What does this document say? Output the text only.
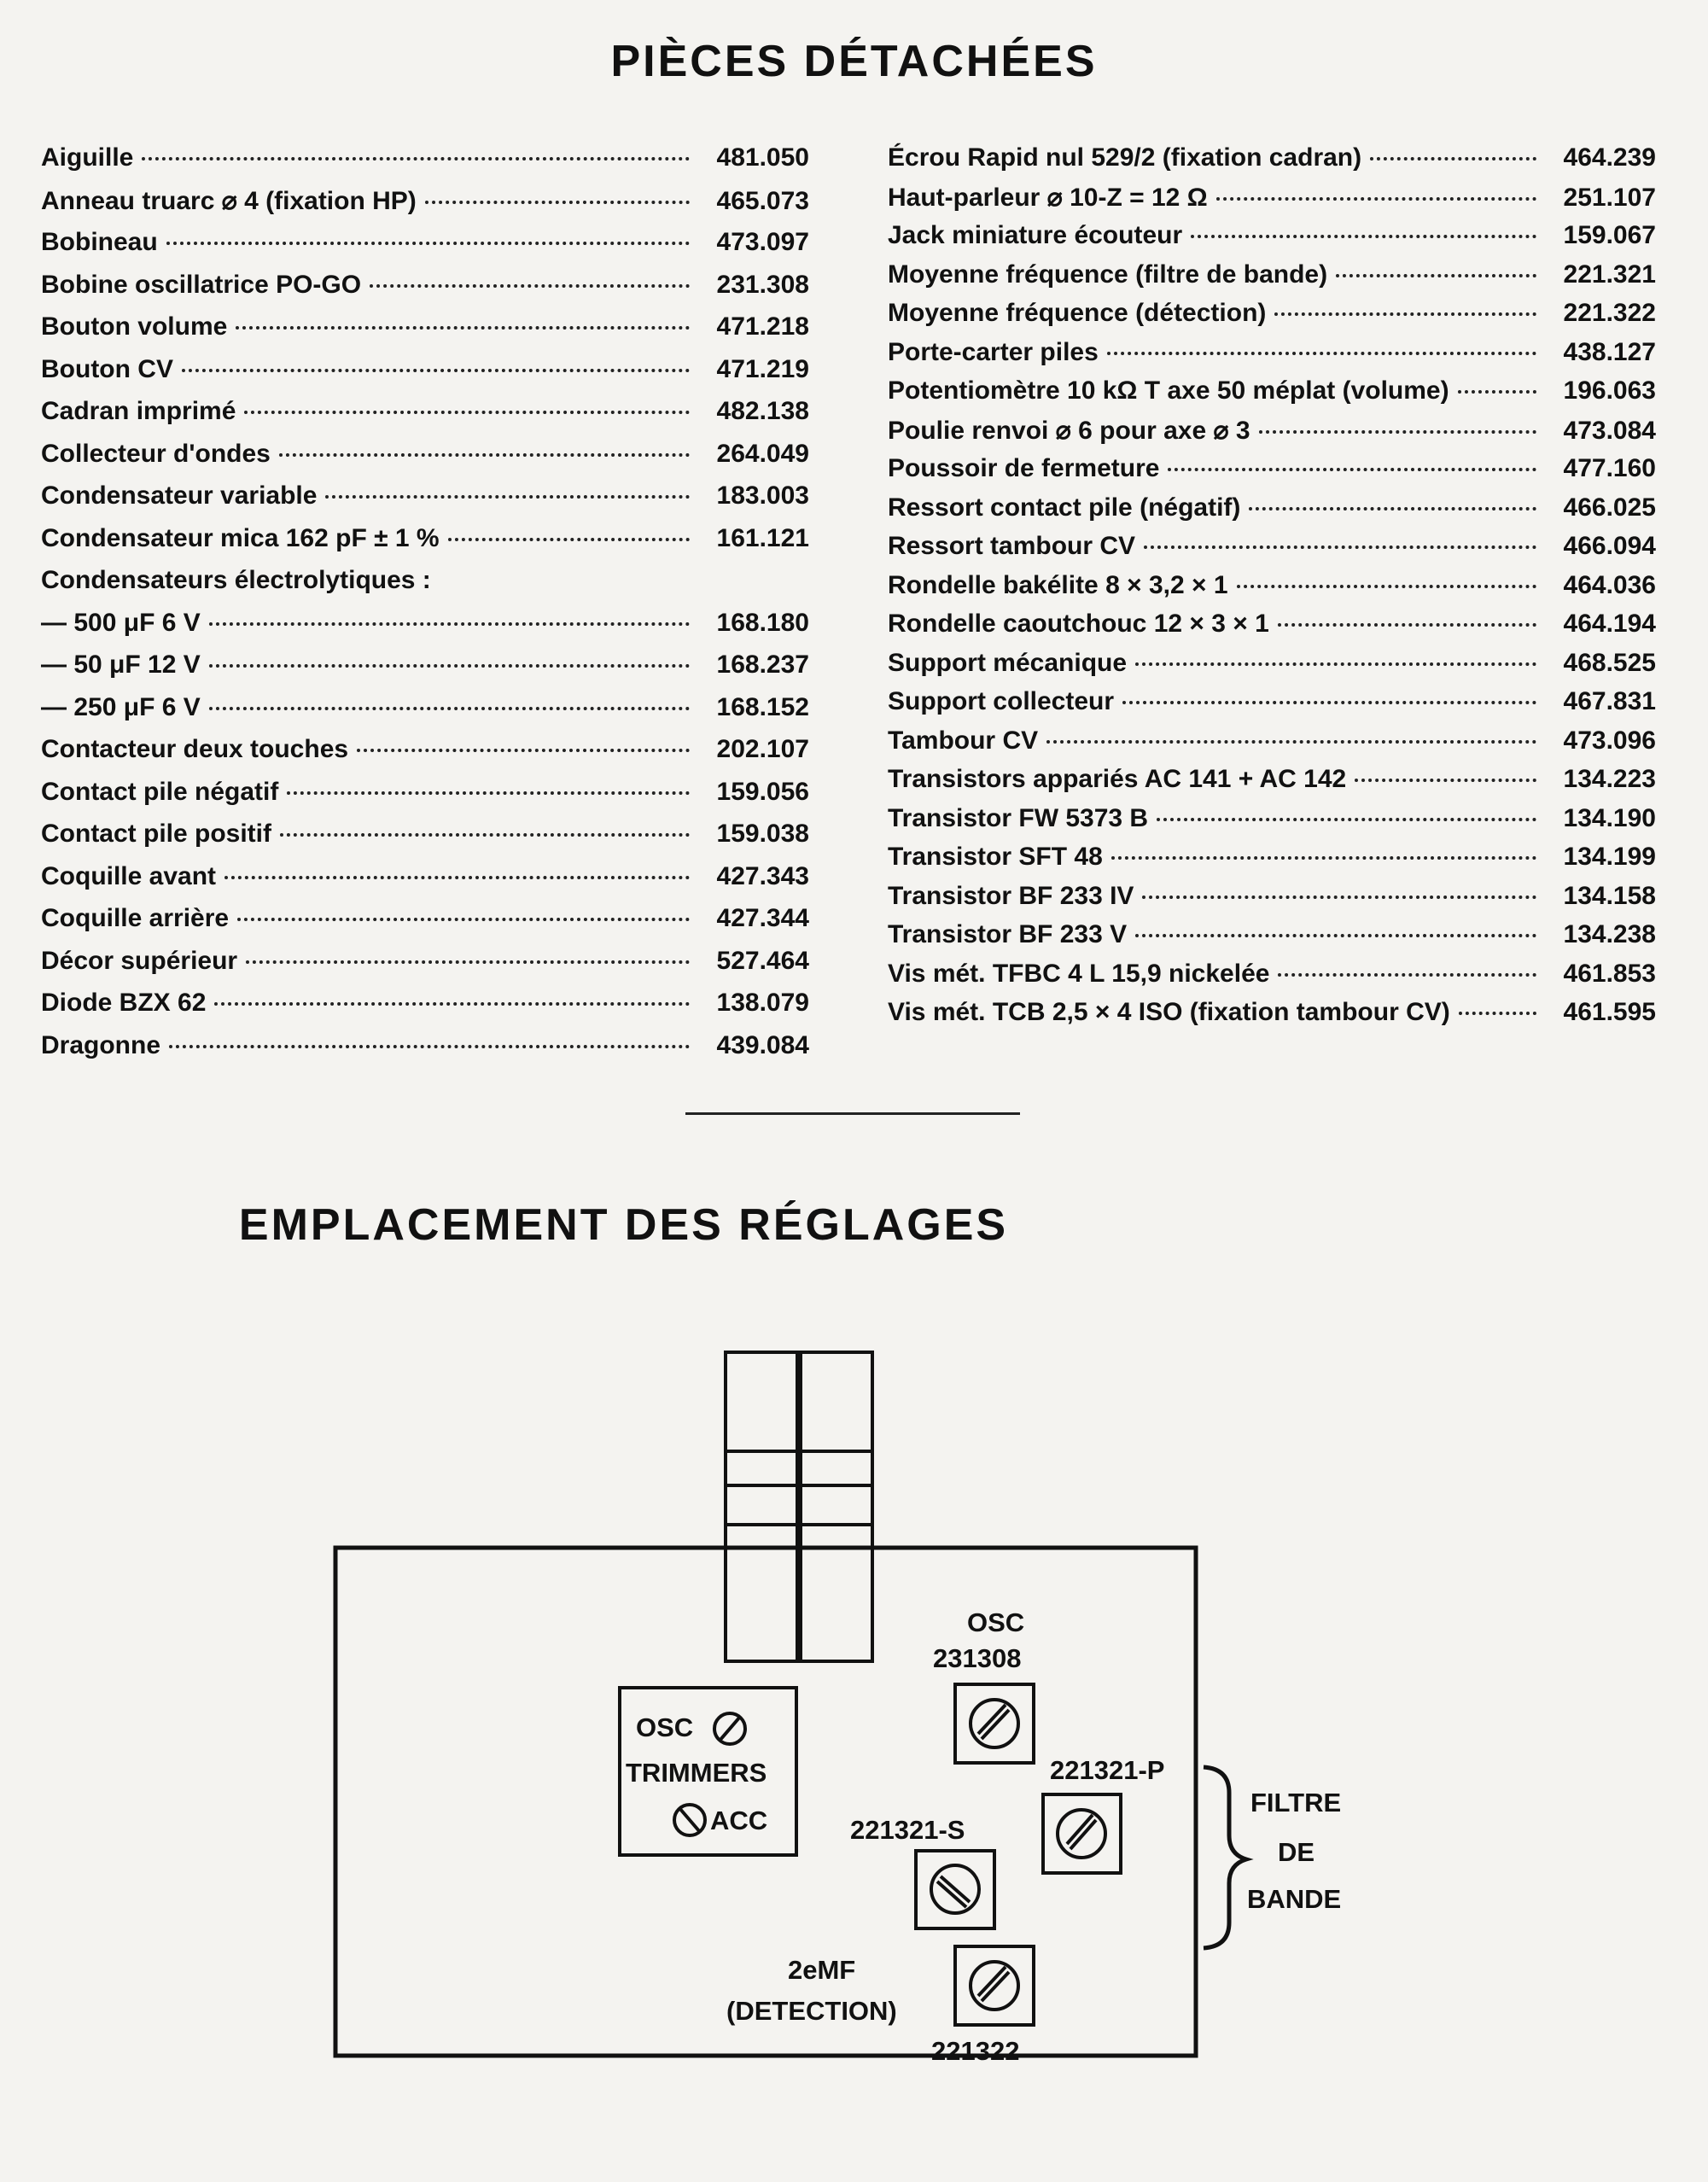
PIÈCES DÉTACHÉES
Aiguille	481.050
Anneau truarc ⌀ 4 (fixation HP)	465.073
Bobineau	473.097
Bobine oscillatrice PO-GO	231.308
Bouton volume	471.218
Bouton CV	471.219
Cadran imprimé	482.138
Collecteur d'ondes	264.049
Condensateur variable	183.003
Condensateur mica 162 pF ± 1 %	161.121
Condensateurs électrolytiques :
— 500 μF 6 V	168.180
— 50 μF 12 V	168.237
— 250 μF 6 V	168.152
Contacteur deux touches	202.107
Contact pile négatif	159.056
Contact pile positif	159.038
Coquille avant	427.343
Coquille arrière	427.344
Décor supérieur	527.464
Diode BZX 62	138.079
Dragonne	439.084
Écrou Rapid nul 529/2 (fixation cadran)	464.239
Haut-parleur ⌀ 10-Z = 12 Ω	251.107
Jack miniature écouteur	159.067
Moyenne fréquence (filtre de bande)	221.321
Moyenne fréquence (détection)	221.322
Porte-carter piles	438.127
Potentiomètre 10 kΩ T axe 50 méplat (volume)	196.063
Poulie renvoi ⌀ 6 pour axe ⌀ 3	473.084
Poussoir de fermeture	477.160
Ressort contact pile (négatif)	466.025
Ressort tambour CV	466.094
Rondelle bakélite 8 × 3,2 × 1	464.036
Rondelle caoutchouc 12 × 3 × 1	464.194
Support mécanique	468.525
Support collecteur	467.831
Tambour CV	473.096
Transistors appariés AC 141 + AC 142	134.223
Transistor FW 5373 B	134.190
Transistor SFT 48	134.199
Transistor BF 233 IV	134.158
Transistor BF 233 V	134.238
Vis mét. TFBC 4 L 15,9 nickelée	461.853
Vis mét. TCB 2,5 × 4 ISO (fixation tambour CV)	461.595
EMPLACEMENT DES RÉGLAGES
OSC
231308
OSC
TRIMMERS
ACC
221321-P
221321-S
FILTRE
DE
BANDE
2eMF
(DETECTION)
221322
